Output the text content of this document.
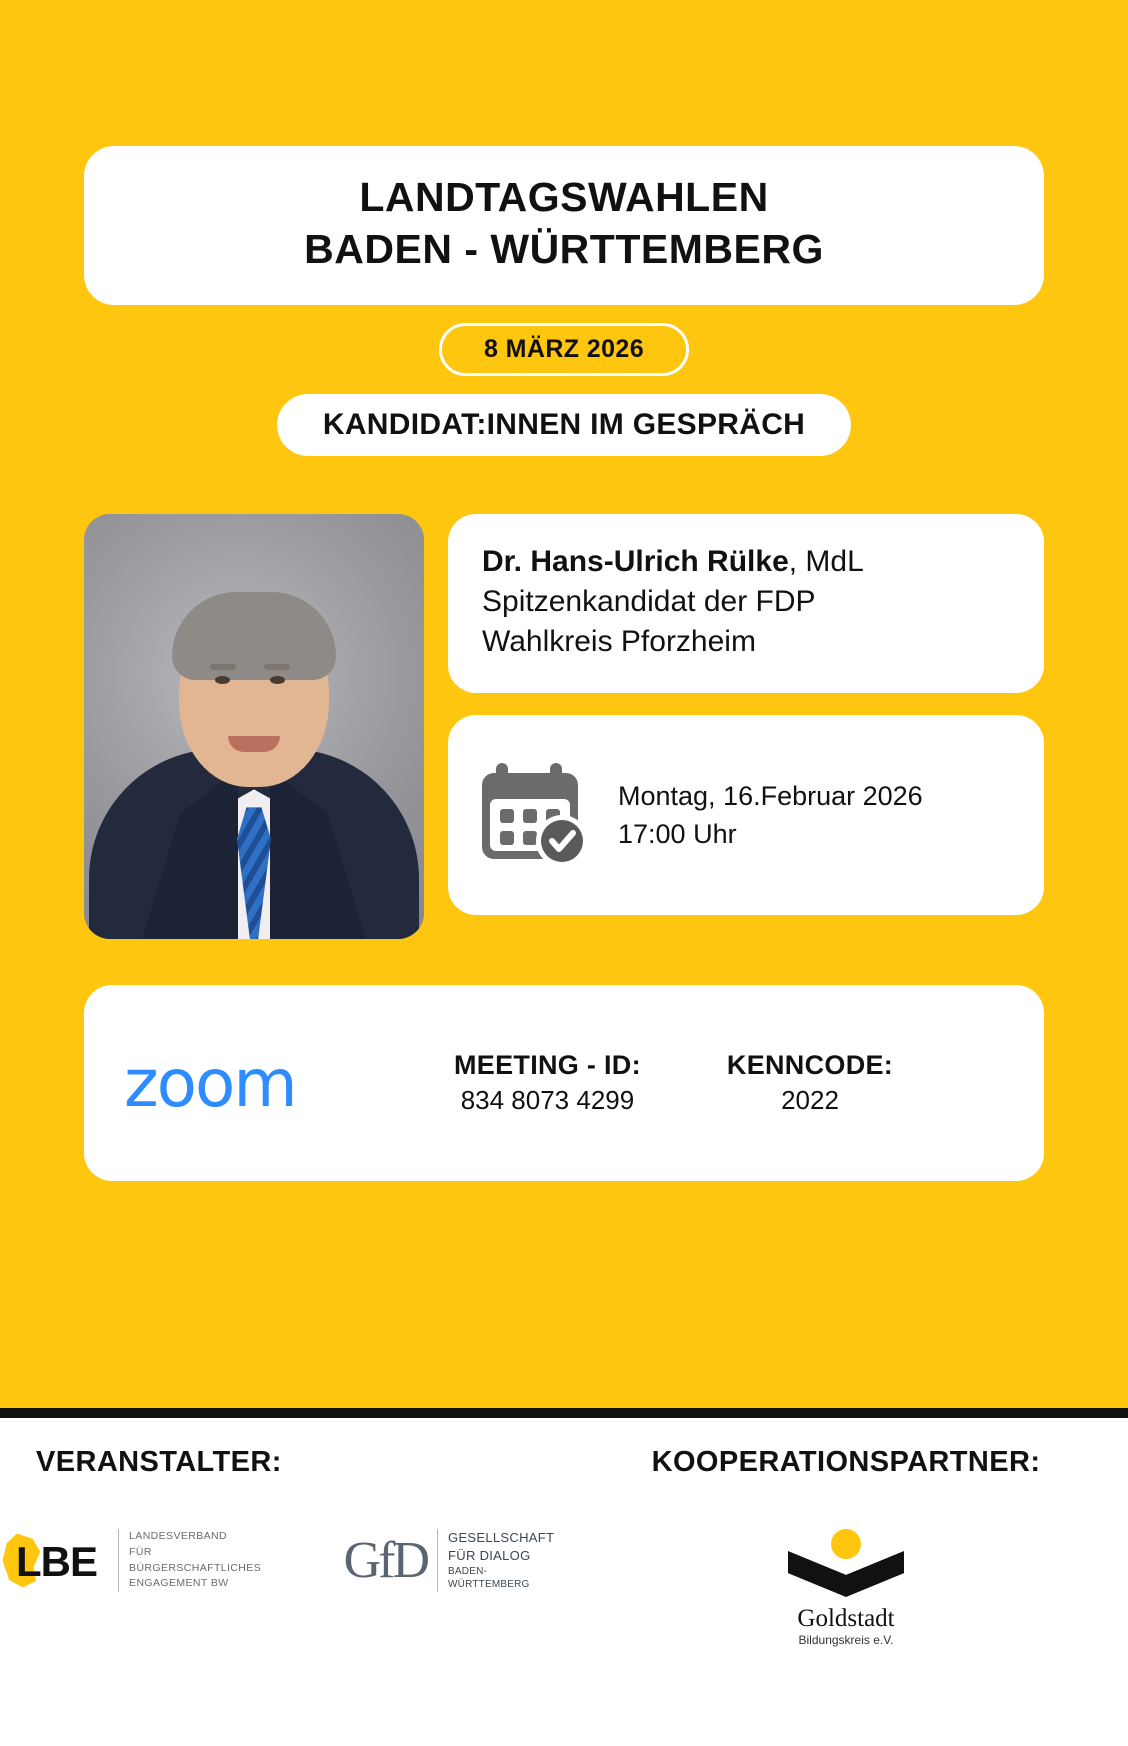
LANDTAGSWAHLEN
BADEN - WÜRTTEMBERG
8 MÄRZ 2026
KANDIDAT:INNEN IM GESPRÄCH
Dr. Hans-Ulrich Rülke, MdL
Spitzenkandidat der FDP
Wahlkreis Pforzheim
Montag, 16.Februar 2026
17:00 Uhr
zoom	MEETING - ID:
834 8073 4299
KENNCODE:
2022
VERANSTALTER:
LBE
LANDESVERBAND
FÜR BÜRGERSCHAFTLICHES
ENGAGEMENT BW	GfD GESELLSCHAFT
FÜR DIALOG
BADEN- WÜRTTEMBERG
KOOPERATIONSPARTNER:
Goldstadt
Bildungskreis e.V.
